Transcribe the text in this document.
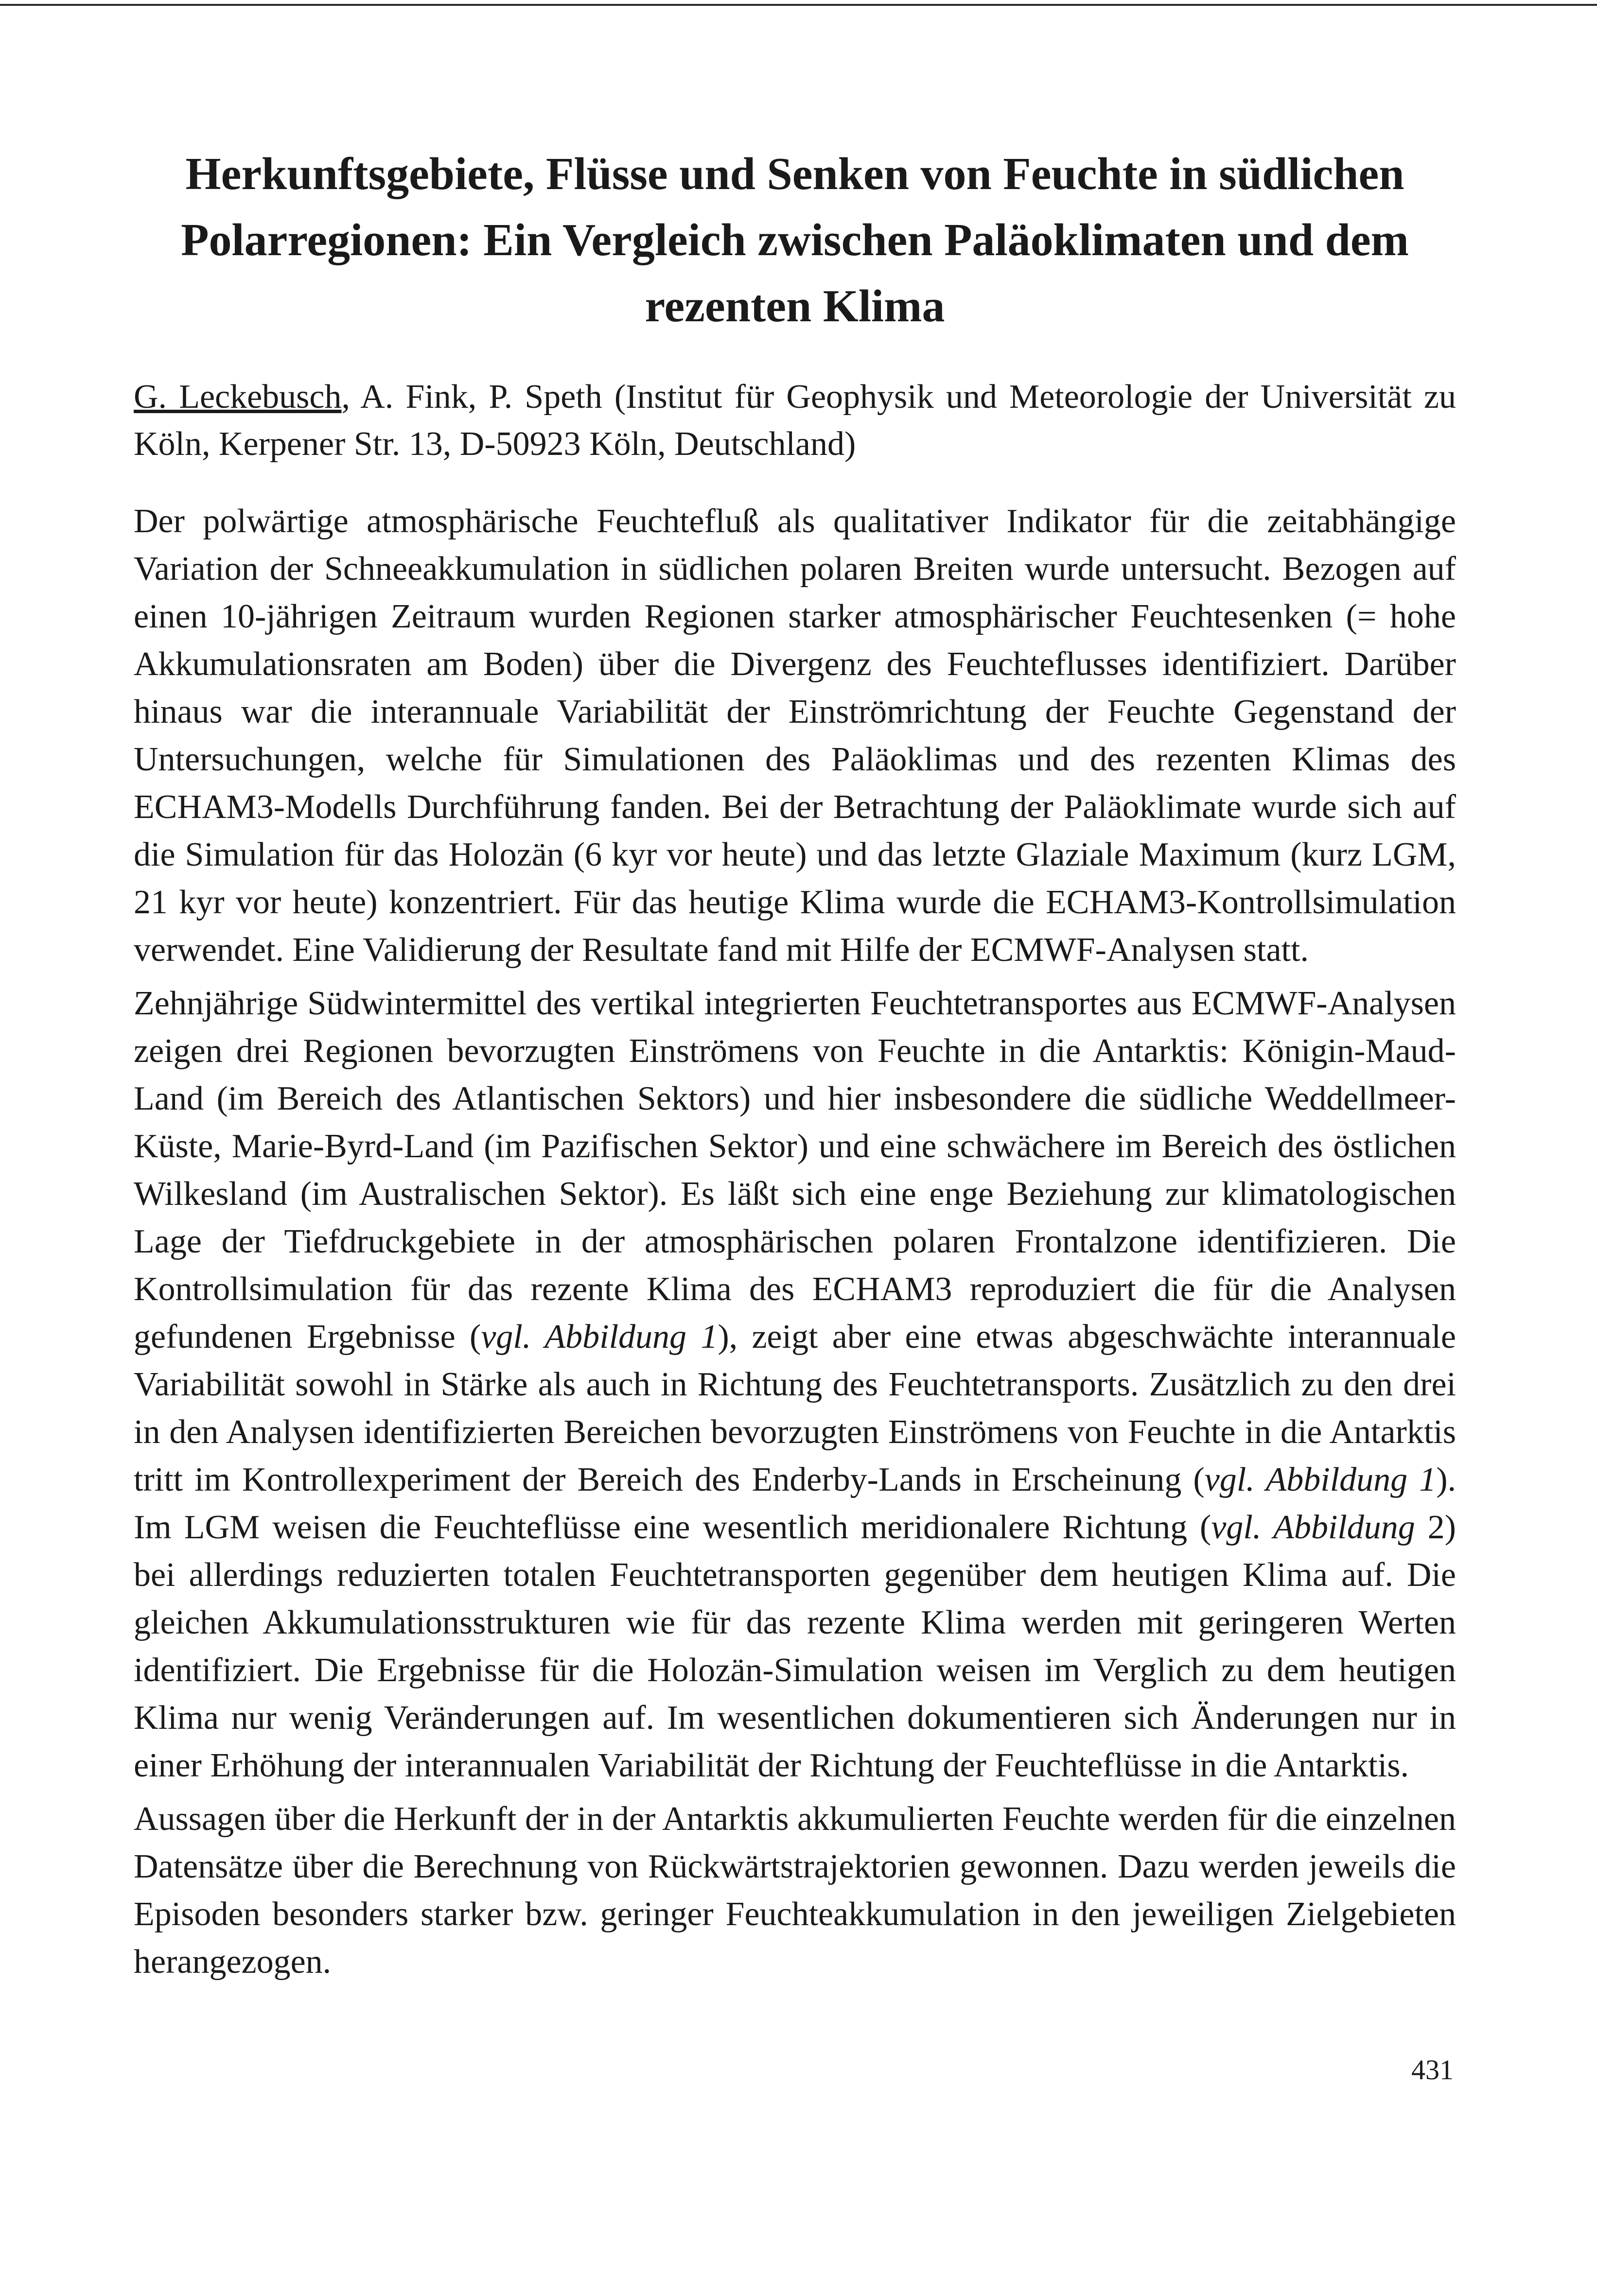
Herkunftsgebiete, Flüsse und Senken von Feuchte in südlichen Polarregionen: Ein Vergleich zwischen Paläoklimaten und dem rezenten Klima

G. Leckebusch, A. Fink, P. Speth (Institut für Geophysik und Meteorologie der Universität zu Köln, Kerpener Str. 13, D-50923 Köln, Deutschland)

Der polwärtige atmosphärische Feuchtefluß als qualitativer Indikator für die zeitabhängige Variation der Schneeakkumulation in südlichen polaren Breiten wurde untersucht. Bezogen auf einen 10-jährigen Zeitraum wurden Regionen starker atmosphärischer Feuchtesenken (= hohe Akkumulationsraten am Boden) über die Divergenz des Feuchteflusses identifiziert. Darüber hinaus war die interannuale Variabilität der Einströmrichtung der Feuchte Gegenstand der Untersuchungen, welche für Simulationen des Paläoklimas und des rezenten Klimas des ECHAM3-Modells Durchführung fanden. Bei der Betrachtung der Paläoklimate wurde sich auf die Simulation für das Holozän (6 kyr vor heute) und das letzte Glaziale Maximum (kurz LGM, 21 kyr vor heute) konzentriert. Für das heutige Klima wurde die ECHAM3-Kontrollsimulation verwendet. Eine Validierung der Resultate fand mit Hilfe der ECMWF-Analysen statt.

Zehnjährige Südwintermittel des vertikal integrierten Feuchtetransportes aus ECMWF-Analysen zeigen drei Regionen bevorzugten Einströmens von Feuchte in die Antarktis: Königin-Maud-Land (im Bereich des Atlantischen Sektors) und hier insbesondere die südliche Weddellmeer-Küste, Marie-Byrd-Land (im Pazifischen Sektor) und eine schwächere im Bereich des östlichen Wilkesland (im Australischen Sektor). Es läßt sich eine enge Beziehung zur klimatologischen Lage der Tiefdruckgebiete in der atmosphärischen polaren Frontalzone identifizieren. Die Kontrollsimulation für das rezente Klima des ECHAM3 reproduziert die für die Analysen gefundenen Ergebnisse (vgl. Abbildung 1), zeigt aber eine etwas abgeschwächte interannuale Variabilität sowohl in Stärke als auch in Richtung des Feuchtetransports. Zusätzlich zu den drei in den Analysen identifizierten Bereichen bevorzugten Einströmens von Feuchte in die Antarktis tritt im Kontrollexperiment der Bereich des Enderby-Lands in Erscheinung (vgl. Abbildung 1). Im LGM weisen die Feuchteflüsse eine wesentlich meridionalere Richtung (vgl. Abbildung 2) bei allerdings reduzierten totalen Feuchtetransporten gegenüber dem heutigen Klima auf. Die gleichen Akkumulationsstrukturen wie für das rezente Klima werden mit geringeren Werten identifiziert. Die Ergebnisse für die Holozän-Simulation weisen im Verglich zu dem heutigen Klima nur wenig Veränderungen auf. Im wesentlichen dokumentieren sich Änderungen nur in einer Erhöhung der interannualen Variabilität der Richtung der Feuchteflüsse in die Antarktis.

Aussagen über die Herkunft der in der Antarktis akkumulierten Feuchte werden für die einzelnen Datensätze über die Berechnung von Rückwärtstrajektorien gewonnen. Dazu werden jeweils die Episoden besonders starker bzw. geringer Feuchteakkumulation in den jeweiligen Zielgebieten herangezogen.

431
